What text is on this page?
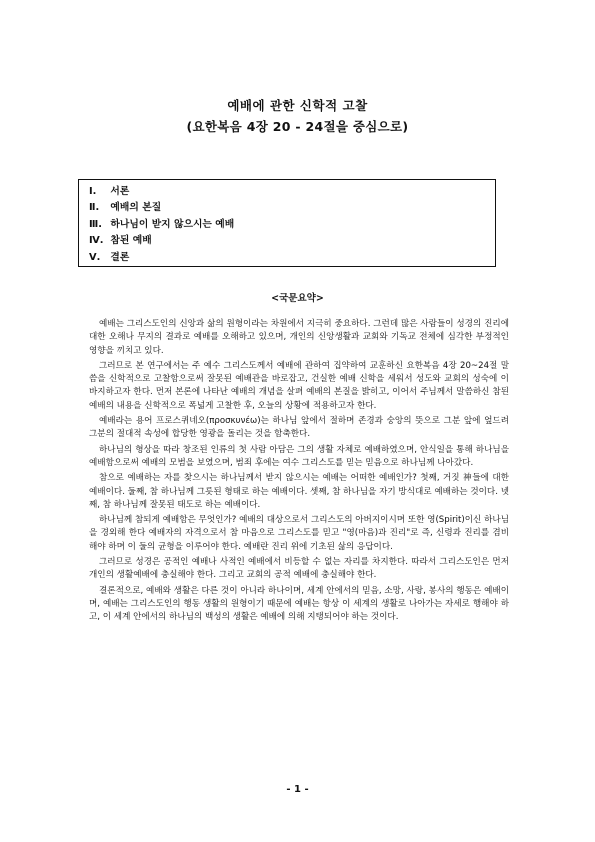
예배에 관한 신학적 고찰
(요한복음 4장 20 - 24절을 중심으로)
Ⅰ. 서론
Ⅱ. 예배의 본질
Ⅲ. 하나님이 받지 않으시는 예배
Ⅳ. 참된 예배
Ⅴ. 결론
<국문요약>

예배는 그리스도인의 신앙과 삶의 원형이라는 차원에서 지극히 중요하다. 그런데 많은 사람들이 성경의 진리에 대한 오해나 무지의 결과로 예배를 오해하고 있으며, 개인의 신앙생활과 교회와 기독교 전체에 심각한 부정적인 영향을 끼치고 있다.

그러므로 본 연구에서는 주 예수 그리스도께서 예배에 관하여 집약하여 교훈하신 요한복음 4장 20~24절 말씀을 신학적으로 고찰함으로써 잘못된 예배관을 바로잡고, 건실한 예배 신학을 세워서 성도와 교회의 성숙에 이바지하고자 한다. 먼저 본론에 나타난 예배의 개념을 살펴 예배의 본질을 밝히고, 이어서 주님께서 말씀하신 참된 예배의 내용을 신학적으로 폭넓게 고찰한 후, 오늘의 상황에 적용하고자 한다.

예배라는 용어 프로스퀴네오(προσκυνέω)는 하나님 앞에서 절하며 존경과 숭앙의 뜻으로 그분 앞에 엎드려 그분의 절대적 속성에 합당한 영광을 돌리는 것을 함축한다.

하나님의 형상을 따라 창조된 인류의 첫 사람 아담은 그의 생활 자체로 예배하였으며, 안식일을 통해 하나님을 예배함으로써 예배의 모범을 보였으며, 범죄 후에는 여수 그리스도를 믿는 믿음으로 하나님께 나아갔다.

참으로 예배하는 자를 찾으시는 하나님께서 받지 않으시는 예배는 어떠한 예배인가? 첫째, 거짓 神들에 대한 예배이다. 둘째, 참 하나님께 그릇된 형태로 하는 예배이다. 셋째, 참 하나님을 자기 방식대로 예배하는 것이다. 넷째, 참 하나님께 잘못된 태도로 하는 예배이다.

하나님께 참되게 예배함은 무엇인가? 예배의 대상으로서 그리스도의 아버지이시며 또한 영(Spirit)이신 하나님을 경외해 한다 예배자의 자격으로서 참 마음으로 그리스도를 믿고 "영(마음)과 진리"로 즉, 신령과 진리를 겸비해야 하며 이 둘의 균형을 이루어야 한다. 예배란 진리 위에 기초된 삶의 응답이다.

그러므로 성경은 공적인 예배나 사적인 예배에서 비등할 수 없는 자리를 차지한다. 따라서 그리스도인은 먼저 개인의 생활예배에 충실해야 한다. 그리고 교회의 공적 예배에 충실해야 한다.

결론적으로, 예배와 생활은 다른 것이 아니라 하나이며, 세계 안에서의 믿음, 소망, 사랑, 봉사의 행동은 예배이며, 예배는 그리스도인의 행동 생활의 원형이기 때문에 예배는 항상 이 세계의 생활로 나아가는 자세로 행해야 하고, 이 세계 안에서의 하나님의 백성의 생활은 예배에 의해 지탱되어야 하는 것이다.

- 1 -
